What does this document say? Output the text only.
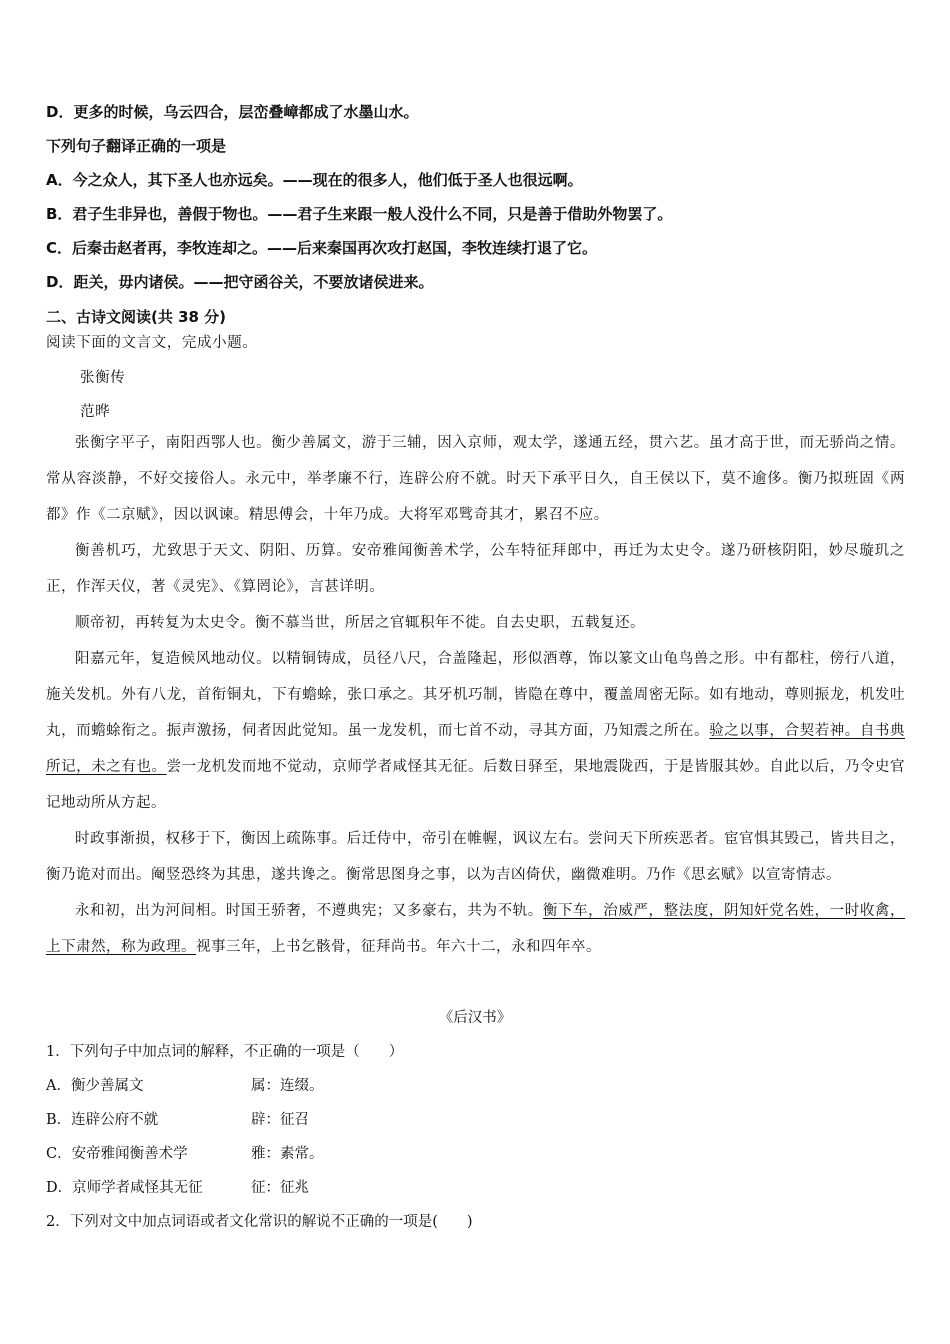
D．更多的时候，乌云四合，层峦叠嶂都成了水墨山水。
下列句子翻译正确的一项是
A．今之众人，其下圣人也亦远矣。——现在的很多人，他们低于圣人也很远啊。
B．君子生非异也，善假于物也。——君子生来跟一般人没什么不同，只是善于借助外物罢了。
C．后秦击赵者再，李牧连却之。——后来秦国再次攻打赵国，李牧连续打退了它。
D．距关，毋内诸侯。——把守函谷关，不要放诸侯进来。
二、古诗文阅读(共 38 分)
阅读下面的文言文，完成小题。
张衡传
范晔

张衡字平子，南阳西鄂人也。衡少善属文，游于三辅，因入京师，观太学，遂通五经，贯六艺。虽才高于世，而无骄尚之情。常从容淡静，不好交接俗人。永元中，举孝廉不行，连辟公府不就。时天下承平日久，自王侯以下，莫不逾侈。衡乃拟班固《两都》作《二京赋》，因以讽谏。精思傅会，十年乃成。大将军邓骘奇其才，累召不应。

衡善机巧，尤致思于天文、阴阳、历算。安帝雅闻衡善术学，公车特征拜郎中，再迁为太史令。遂乃研核阴阳，妙尽璇玑之正，作浑天仪，著《灵宪》、《算罔论》，言甚详明。

顺帝初，再转复为太史令。衡不慕当世，所居之官辄积年不徙。自去史职，五载复还。

阳嘉元年，复造候风地动仪。以精铜铸成，员径八尺，合盖隆起，形似酒尊，饰以篆文山龟鸟兽之形。中有都柱，傍行八道，施关发机。外有八龙，首衔铜丸，下有蟾蜍，张口承之。其牙机巧制，皆隐在尊中，覆盖周密无际。如有地动，尊则振龙，机发吐丸，而蟾蜍衔之。振声激扬，伺者因此觉知。虽一龙发机，而七首不动，寻其方面，乃知震之所在。验之以事，合契若神。自书典所记，未之有也。尝一龙机发而地不觉动，京师学者咸怪其无征。后数日驿至，果地震陇西，于是皆服其妙。自此以后，乃令史官记地动所从方起。

时政事渐损，权移于下，衡因上疏陈事。后迁侍中，帝引在帷幄，讽议左右。尝问天下所疾恶者。宦官惧其毁己，皆共目之，衡乃诡对而出。阉竖恐终为其患，遂共谗之。衡常思图身之事，以为吉凶倚伏，幽微难明。乃作《思玄赋》以宣寄情志。

永和初，出为河间相。时国王骄奢，不遵典宪；又多豪右，共为不轨。衡下车，治威严，整法度，阴知奸党名姓，一时收禽，上下肃然，称为政理。视事三年，上书乞骸骨，征拜尚书。年六十二，永和四年卒。

《后汉书》
1．下列句子中加点词的解释，不正确的一项是（　　）
A．衡少善属文	属：连缀。
B．连辟公府不就	辟：征召
C．安帝雅闻衡善术学	雅：素常。
D．京师学者咸怪其无征	征：征兆
2．下列对文中加点词语或者文化常识的解说不正确的一项是(　　)
